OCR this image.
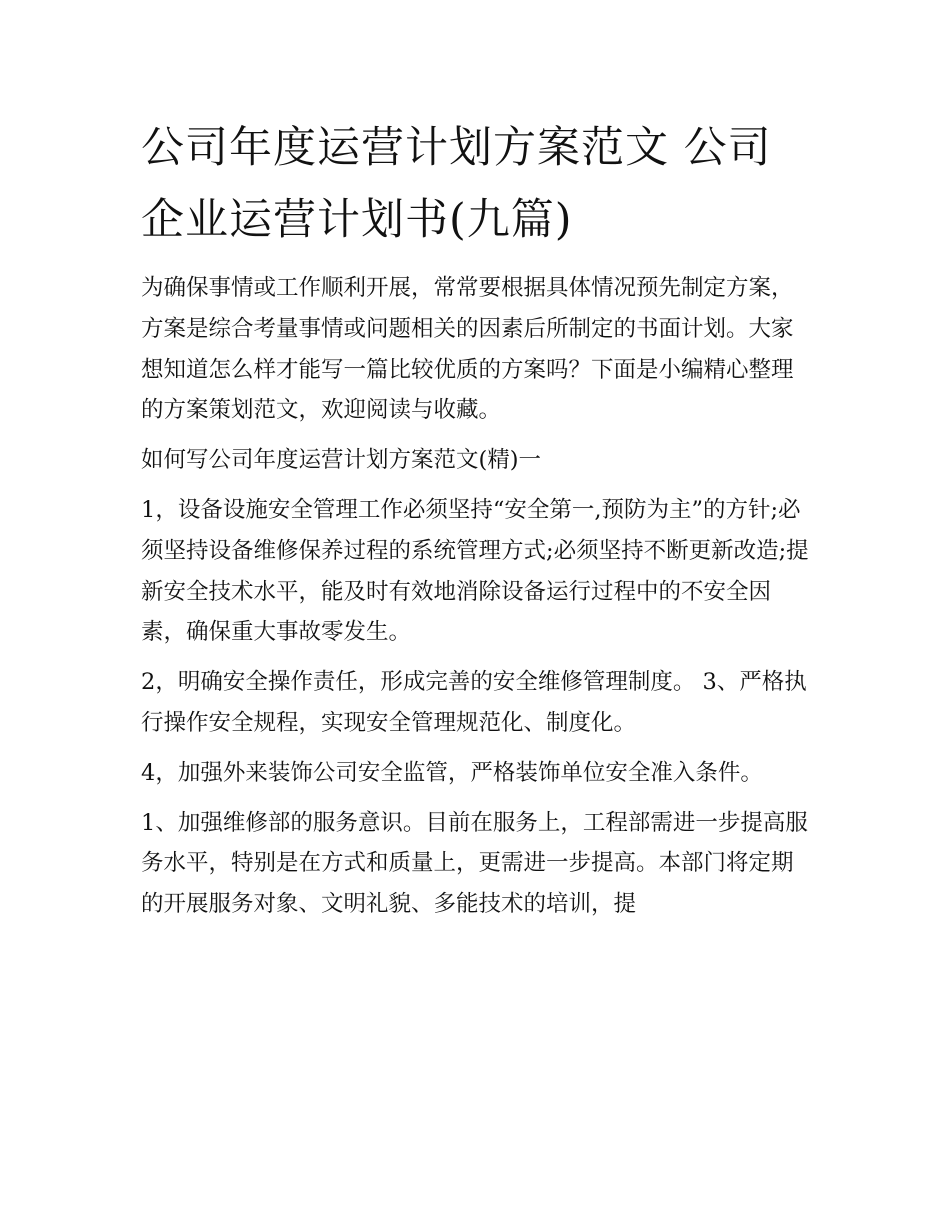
公司年度运营计划方案范文 公司企业运营计划书(九篇)

为确保事情或工作顺利开展，常常要根据具体情况预先制定方案，方案是综合考量事情或问题相关的因素后所制定的书面计划。大家想知道怎么样才能写一篇比较优质的方案吗？下面是小编精心整理的方案策划范文，欢迎阅读与收藏。

如何写公司年度运营计划方案范文(精)一

1，设备设施安全管理工作必须坚持“安全第一,预防为主”的方针;必须坚持设备维修保养过程的系统管理方式;必须坚持不断更新改造;提新安全技术水平，能及时有效地消除设备运行过程中的不安全因素，确保重大事故零发生。

2，明确安全操作责任，形成完善的安全维修管理制度。 3、严格执行操作安全规程，实现安全管理规范化、制度化。

4，加强外来装饰公司安全监管，严格装饰单位安全准入条件。

1、加强维修部的服务意识。目前在服务上，工程部需进一步提高服务水平，特别是在方式和质量上，更需进一步提高。本部门将定期的开展服务对象、文明礼貌、多能技术的培训，提
